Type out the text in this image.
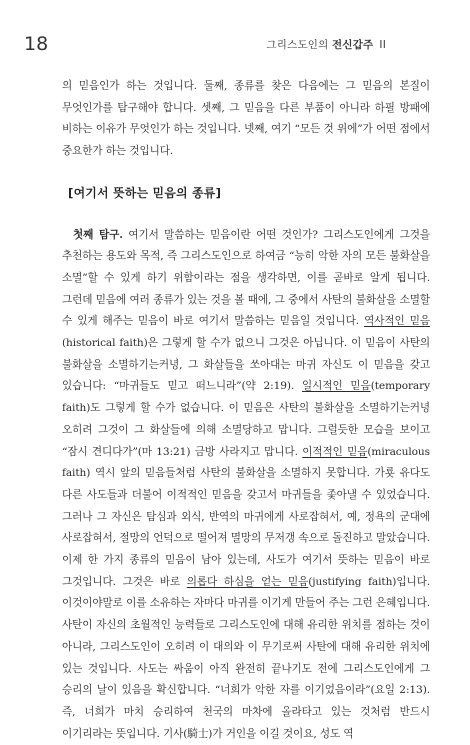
18	그리스도인의 전신갑주 II

의 믿음인가 하는 것입니다. 둘째, 종류를 찾은 다음에는 그 믿음의 본질이 무엇인가를 탐구해야 합니다. 셋째, 그 믿음을 다른 부품이 아니라 하필 방패에 비하는 이유가 무엇인가 하는 것입니다. 넷째, 여기 “모든 것 위에”가 어떤 점에서 중요한가 하는 것입니다.

[여기서 뜻하는 믿음의 종류]

첫째 탐구. 여기서 말씀하는 믿음이란 어떤 것인가? 그리스도인에게 그것을 추천하는 용도와 목적, 즉 그리스도인으로 하여금 “능히 악한 자의 모든 불화살을 소멸”할 수 있게 하기 위함이라는 점을 생각하면, 이를 곧바로 알게 됩니다. 그런데 믿음에 여러 종류가 있는 것을 볼 때에, 그 중에서 사탄의 불화살을 소멸할 수 있게 해주는 믿음이 바로 여기서 말씀하는 믿음일 것입니다. 역사적인 믿음(historical faith)은 그렇게 할 수가 없으니 그것은 아닙니다. 이 믿음이 사탄의 불화살을 소멸하기는커녕, 그 화살들을 쏘아대는 마귀 자신도 이 믿음을 갖고 있습니다: “마귀들도 믿고 떠느니라”(약 2:19). 일시적인 믿음(temporary faith)도 그렇게 할 수가 없습니다. 이 믿음은 사탄의 불화살을 소멸하기는커녕 오히려 그것이 그 화살들에 의해 소멸당하고 맙니다. 그럴듯한 모습을 보이고 “잠시 견디다가”(마 13:21) 금방 사라지고 맙니다. 이적적인 믿음(miraculous faith) 역시 앞의 믿음들처럼 사탄의 불화살을 소멸하지 못합니다. 가룟 유다도 다른 사도들과 더불어 이적적인 믿음을 갖고서 마귀들을 좇아낼 수 있었습니다. 그러나 그 자신은 탐심과 외식, 반역의 마귀에게 사로잡혀서, 예, 정욕의 군대에 사로잡혀서, 절망의 언덕으로 떨어져 멸망의 무저갱 속으로 돌진하고 말았습니다. 이제 한 가지 종류의 믿음이 남아 있는데, 사도가 여기서 뜻하는 믿음이 바로 그것입니다. 그것은 바로 의롭다 하심을 얻는 믿음(justifying faith)입니다. 이것이야말로 이를 소유하는 자마다 마귀를 이기게 만들어 주는 그런 은혜입니다. 사탄이 자신의 초월적인 능력들로 그리스도인에 대해 유리한 위치를 점하는 것이 아니라, 그리스도인이 오히려 이 대의와 이 무기로써 사탄에 대해 유리한 위치에 있는 것입니다. 사도는 싸움이 아직 완전히 끝나기도 전에 그리스도인에게 그 승리의 날이 있음을 확신합니다. “너희가 악한 자를 이기었음이라”(요일 2:13). 즉, 너희가 마치 승리하여 천국의 마차에 올라타고 있는 것처럼 반드시 이기리라는 뜻입니다. 기사(騎士)가 거인을 이길 것이요, 성도 역
